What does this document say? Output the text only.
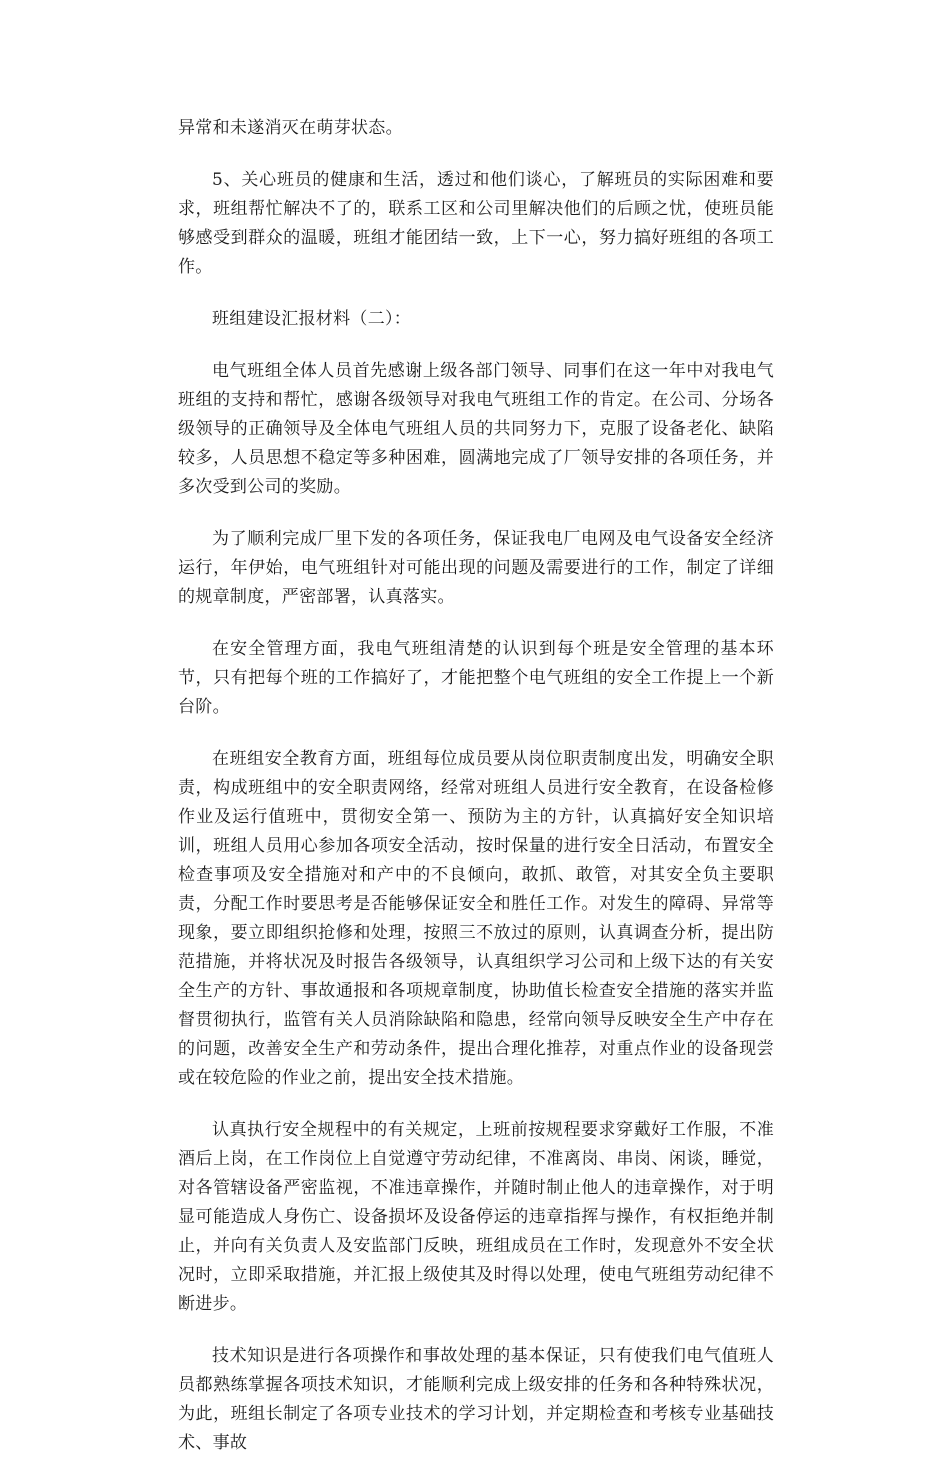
异常和未遂消灭在萌芽状态。

5、关心班员的健康和生活，透过和他们谈心，了解班员的实际困难和要求，班组帮忙解决不了的，联系工区和公司里解决他们的后顾之忧，使班员能够感受到群众的温暖，班组才能团结一致，上下一心，努力搞好班组的各项工作。

班组建设汇报材料（二）：

电气班组全体人员首先感谢上级各部门领导、同事们在这一年中对我电气班组的支持和帮忙，感谢各级领导对我电气班组工作的肯定。在公司、分场各级领导的正确领导及全体电气班组人员的共同努力下，克服了设备老化、缺陷较多，人员思想不稳定等多种困难，圆满地完成了厂领导安排的各项任务，并多次受到公司的奖励。

为了顺利完成厂里下发的各项任务，保证我电厂电网及电气设备安全经济运行，年伊始，电气班组针对可能出现的问题及需要进行的工作，制定了详细的规章制度，严密部署，认真落实。

在安全管理方面，我电气班组清楚的认识到每个班是安全管理的基本环节，只有把每个班的工作搞好了，才能把整个电气班组的安全工作提上一个新台阶。

在班组安全教育方面，班组每位成员要从岗位职责制度出发，明确安全职责，构成班组中的安全职责网络，经常对班组人员进行安全教育，在设备检修作业及运行值班中，贯彻安全第一、预防为主的方针，认真搞好安全知识培训，班组人员用心参加各项安全活动，按时保量的进行安全日活动，布置安全检查事项及安全措施对和产中的不良倾向，敢抓、敢管，对其安全负主要职责，分配工作时要思考是否能够保证安全和胜任工作。对发生的障碍、异常等现象，要立即组织抢修和处理，按照三不放过的原则，认真调查分析，提出防范措施，并将状况及时报告各级领导，认真组织学习公司和上级下达的有关安全生产的方针、事故通报和各项规章制度，协助值长检查安全措施的落实并监督贯彻执行，监管有关人员消除缺陷和隐患，经常向领导反映安全生产中存在的问题，改善安全生产和劳动条件，提出合理化推荐，对重点作业的设备现尝或在较危险的作业之前，提出安全技术措施。

认真执行安全规程中的有关规定，上班前按规程要求穿戴好工作服，不准酒后上岗，在工作岗位上自觉遵守劳动纪律，不准离岗、串岗、闲谈，睡觉，对各管辖设备严密监视，不准违章操作，并随时制止他人的违章操作，对于明显可能造成人身伤亡、设备损坏及设备停运的违章指挥与操作，有权拒绝并制止，并向有关负责人及安监部门反映，班组成员在工作时，发现意外不安全状况时，立即采取措施，并汇报上级使其及时得以处理，使电气班组劳动纪律不断进步。

技术知识是进行各项操作和事故处理的基本保证，只有使我们电气值班人员都熟练掌握各项技术知识，才能顺利完成上级安排的任务和各种特殊状况，为此，班组长制定了各项专业技术的学习计划，并定期检查和考核专业基础技术、事故
